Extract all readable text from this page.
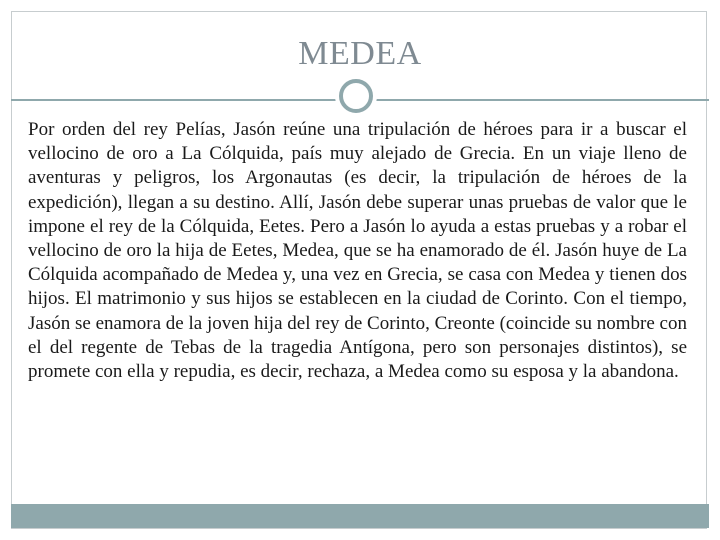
MEDEA

Por orden del rey Pelías, Jasón reúne una tripulación de héroes para ir a buscar el vellocino de oro a La Cólquida, país muy alejado de Grecia. En un viaje lleno de aventuras y peligros, los Argonautas (es decir, la tripulación de héroes de la expedición), llegan a su destino. Allí, Jasón debe superar unas pruebas de valor que le impone el rey de la Cólquida, Eetes. Pero a Jasón lo ayuda a estas pruebas y a robar el vellocino de oro la hija de Eetes, Medea, que se ha enamorado de él. Jasón huye de La Cólquida acompañado de Medea y, una vez en Grecia, se casa con Medea y tienen dos hijos. El matrimonio y sus hijos se establecen en la ciudad de Corinto. Con el tiempo, Jasón se enamora de la joven hija del rey de Corinto, Creonte (coincide su nombre con el del regente de Tebas de la tragedia Antígona, pero son personajes distintos), se promete con ella y repudia, es decir, rechaza, a Medea como su esposa y la abandona.
